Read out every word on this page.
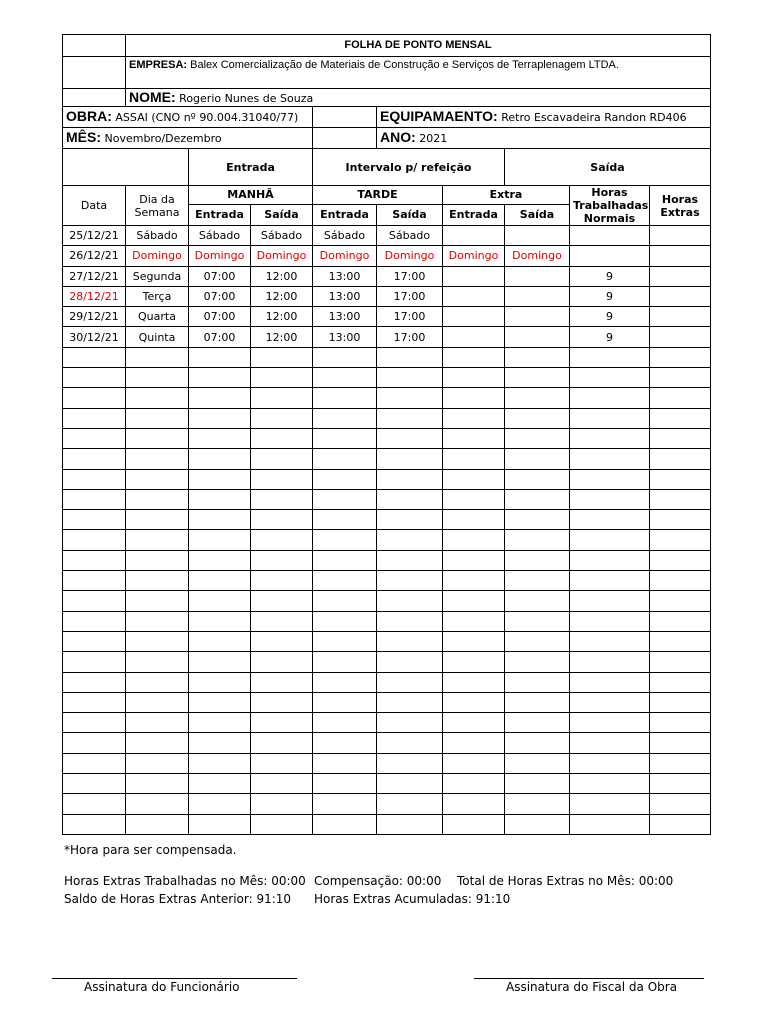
	FOLHA DE PONTO MENSAL								
	EMPRESA: Balex Comercialização de Materiais de Construção e Serviços de Terraplenagem LTDA.								
	NOME: Rogerio Nunes de Souza								
OBRA: ASSAI (CNO nº 90.004.31040/77)					EQUIPAMAENTO: Retro Escavadeira Randon RD406				
MÊS: Novembro/Dezembro					ANO: 2021				
		Entrada		Intervalo p/ refeição			Saída		
Data	Dia da Semana	MANHÃ		TARDE		Extra		Horas Trabalhadas Normais	Horas Extras
		Entrada	Saída	Entrada	Saída	Entrada	Saída		
25/12/21	Sábado	Sábado	Sábado	Sábado	Sábado				
26/12/21	Domingo	Domingo	Domingo	Domingo	Domingo	Domingo	Domingo		
27/12/21	Segunda	07:00	12:00	13:00	17:00			9	
28/12/21	Terça	07:00	12:00	13:00	17:00			9	
29/12/21	Quarta	07:00	12:00	13:00	17:00			9	
30/12/21	Quinta	07:00	12:00	13:00	17:00			9	

*Hora para ser compensada.
Horas Extras Trabalhadas no Mês: 00:00 Compensação: 00:00 Total de Horas Extras no Mês: 00:00
Saldo de Horas Extras Anterior: 91:10 Horas Extras Acumuladas: 91:10
Assinatura do Funcionário	Assinatura do Fiscal da Obra
